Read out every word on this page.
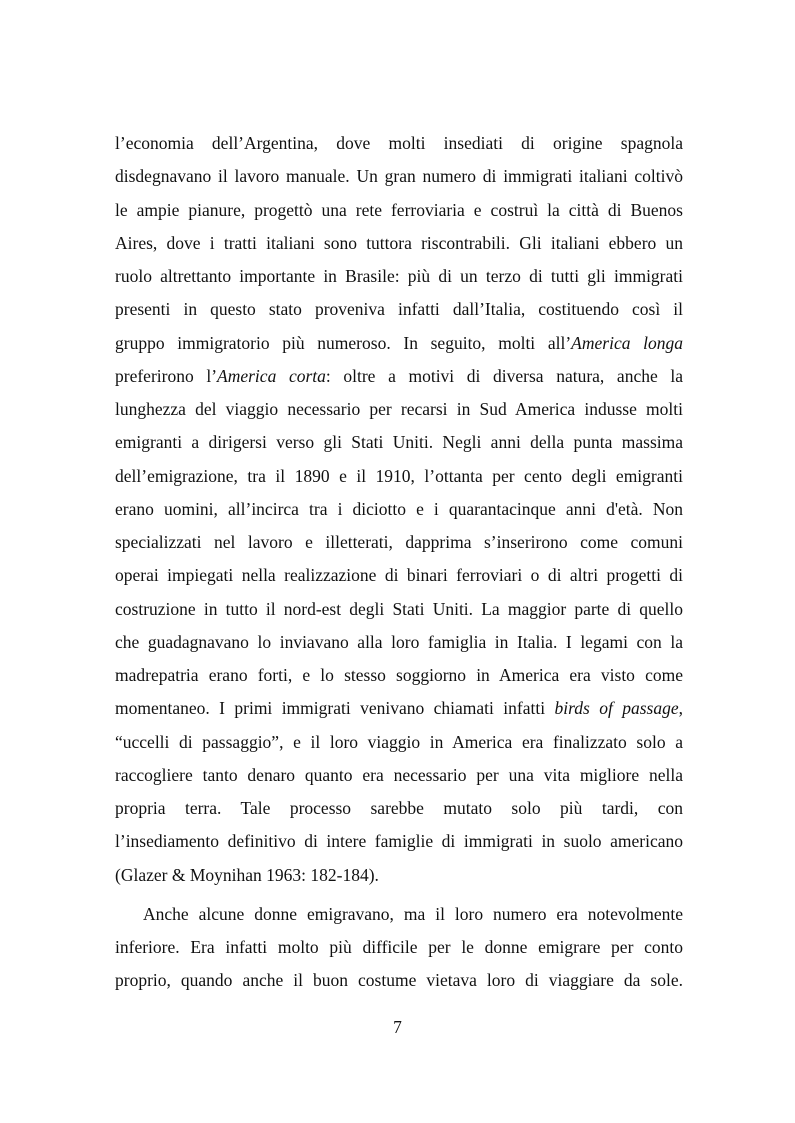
l’economia dell’Argentina, dove molti insediati di origine spagnola
disdegnavano il lavoro manuale. Un gran numero di immigrati italiani coltivò
le ampie pianure, progettò una rete ferroviaria e costruì la città di Buenos
Aires, dove i tratti italiani sono tuttora riscontrabili. Gli italiani ebbero un
ruolo altrettanto importante in Brasile: più di un terzo di tutti gli immigrati
presenti in questo stato proveniva infatti dall’Italia, costituendo così il
gruppo immigratorio più numeroso. In seguito, molti all’America longa
preferirono l’America corta: oltre a motivi di diversa natura, anche la
lunghezza del viaggio necessario per recarsi in Sud America indusse molti
emigranti a dirigersi verso gli Stati Uniti. Negli anni della punta massima
dell’emigrazione, tra il 1890 e il 1910, l’ottanta per cento degli emigranti
erano uomini, all’incirca tra i diciotto e i quarantacinque anni d'età. Non
specializzati nel lavoro e illetterati, dapprima s’inserirono come comuni
operai impiegati nella realizzazione di binari ferroviari o di altri progetti di
costruzione in tutto il nord-est degli Stati Uniti. La maggior parte di quello
che guadagnavano lo inviavano alla loro famiglia in Italia. I legami con la
madrepatria erano forti, e lo stesso soggiorno in America era visto come
momentaneo. I primi immigrati venivano chiamati infatti birds of passage,
“uccelli di passaggio”, e il loro viaggio in America era finalizzato solo a
raccogliere tanto denaro quanto era necessario per una vita migliore nella
propria terra. Tale processo sarebbe mutato solo più tardi, con
l’insediamento definitivo di intere famiglie di immigrati in suolo americano
(Glazer & Moynihan 1963: 182-184).
Anche alcune donne emigravano, ma il loro numero era notevolmente
inferiore. Era infatti molto più difficile per le donne emigrare per conto
proprio, quando anche il buon costume vietava loro di viaggiare da sole.
7
